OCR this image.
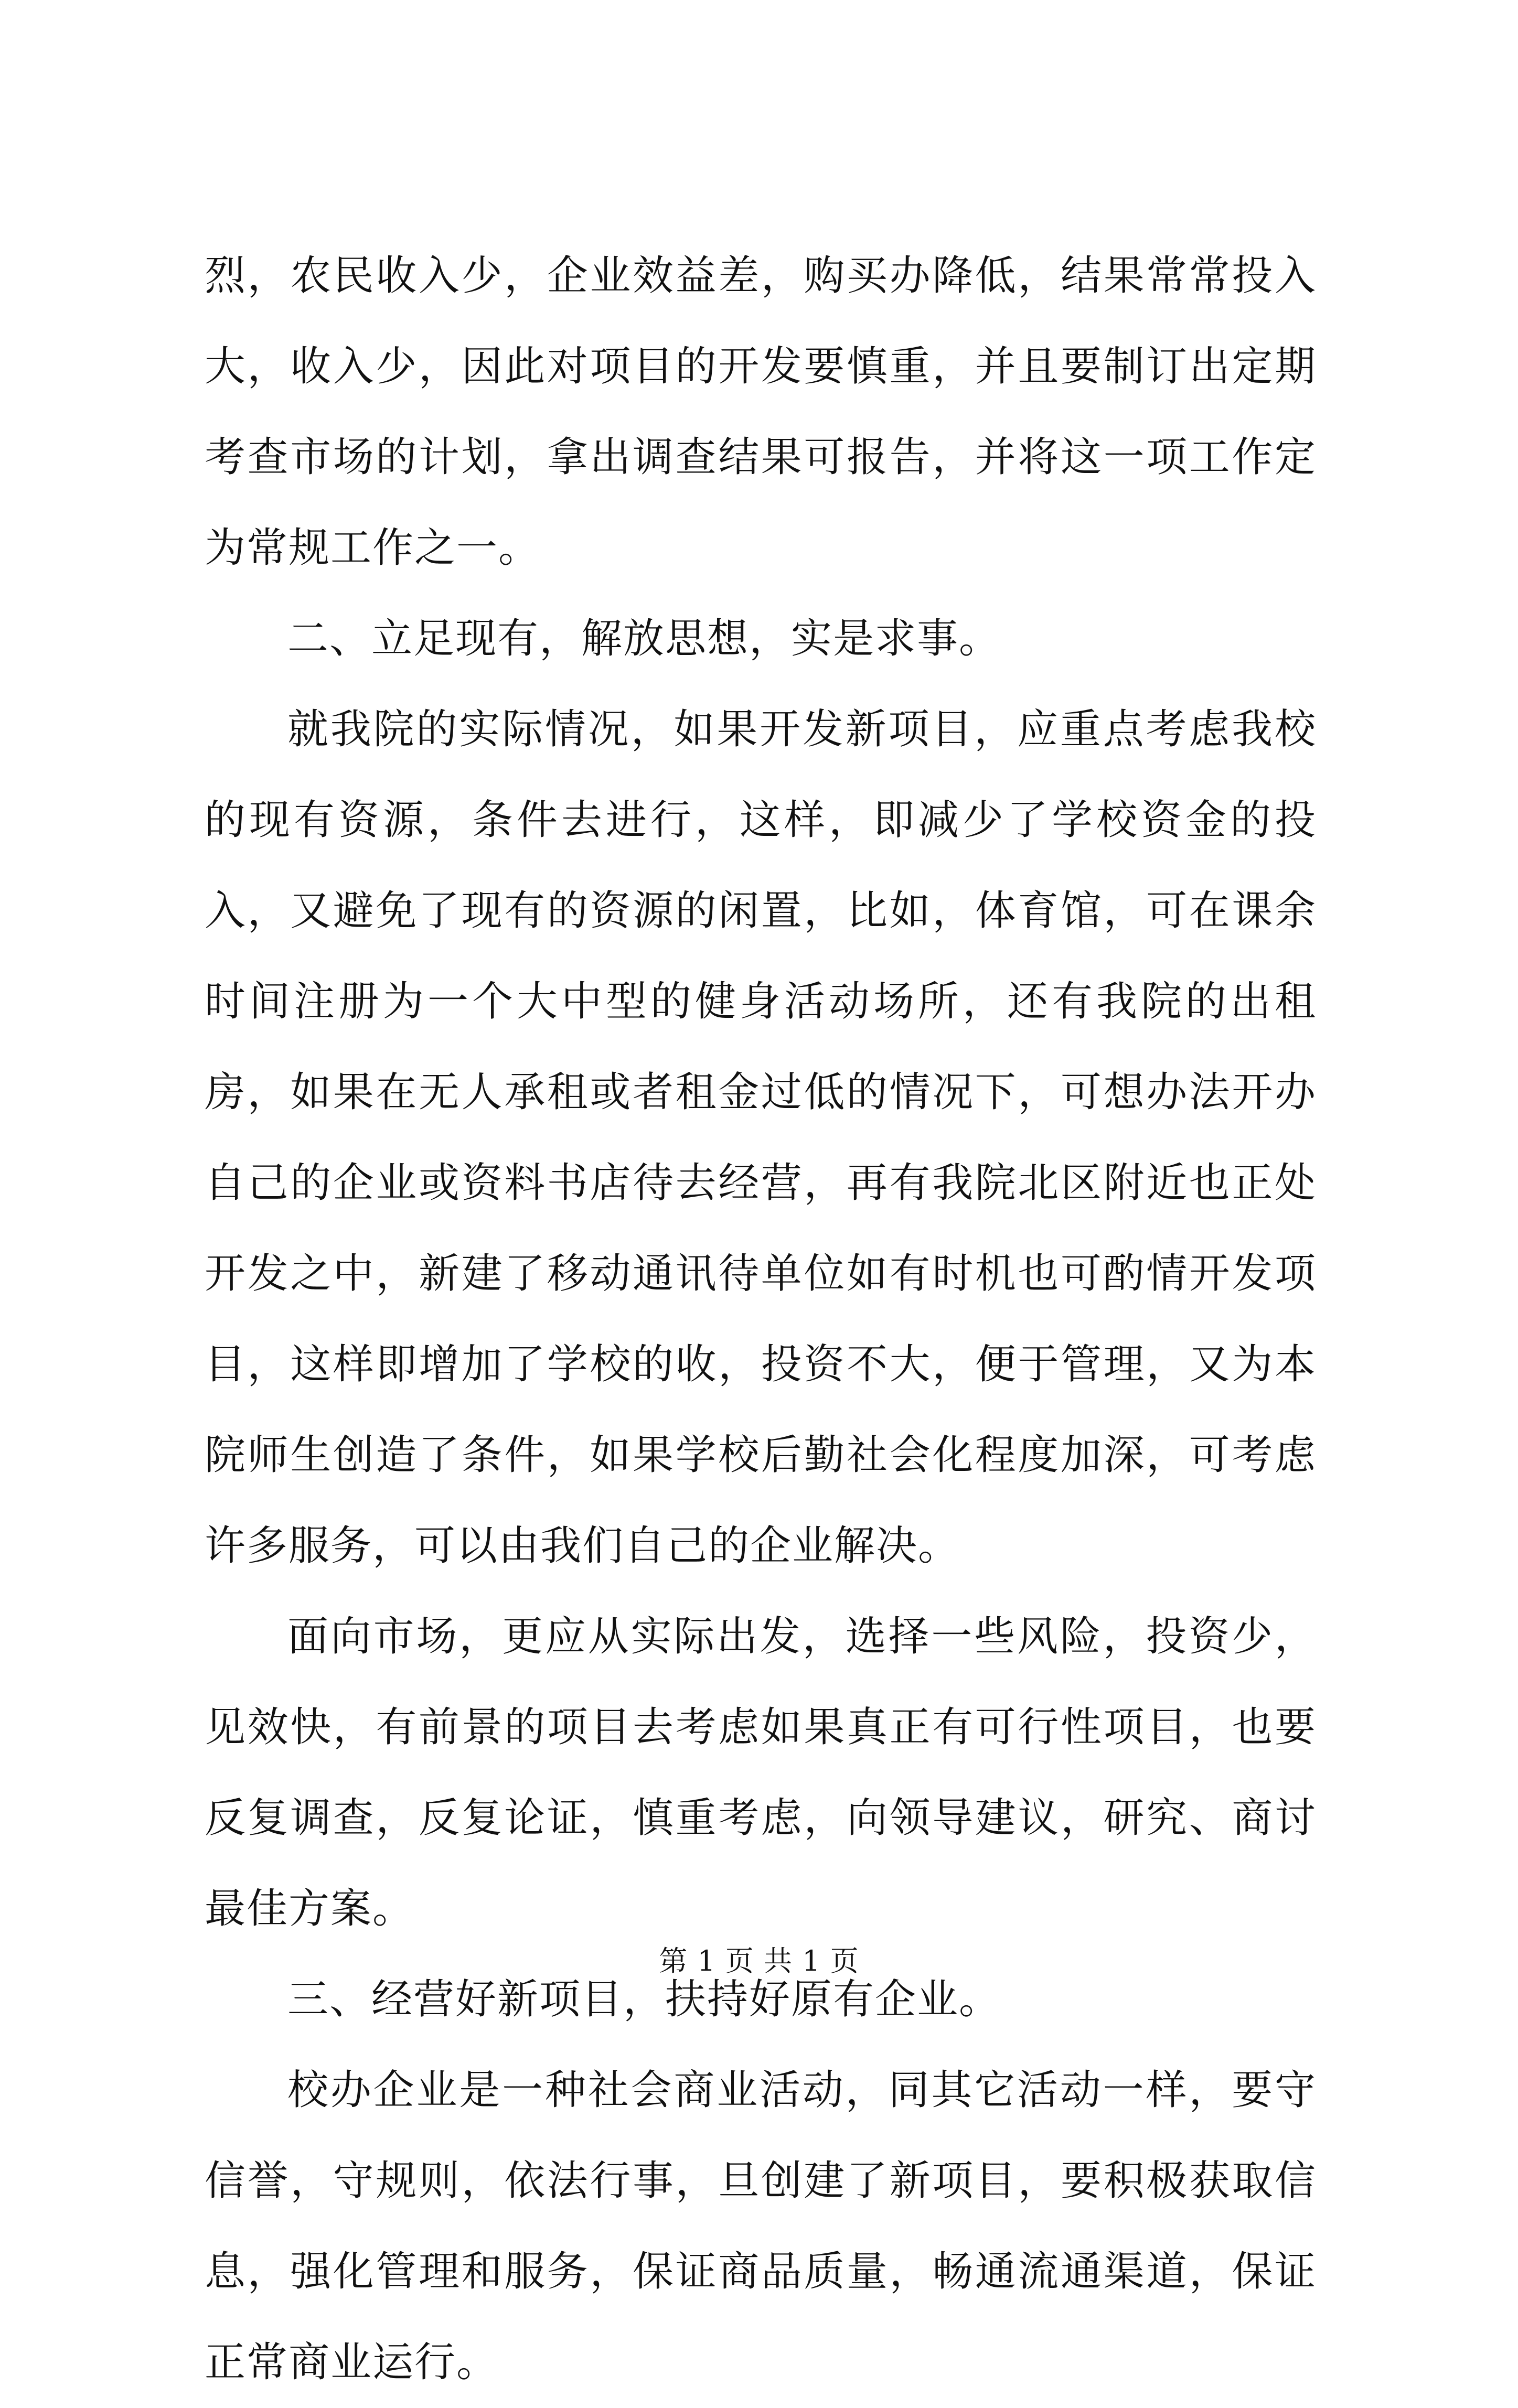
烈，农民收入少，企业效益差，购买办降低，结果常常投入大，收入少，因此对项目的开发要慎重，并且要制订出定期考查市场的计划，拿出调查结果可报告，并将这一项工作定为常规工作之一。

二、立足现有，解放思想，实是求事。

就我院的实际情况，如果开发新项目，应重点考虑我校的现有资源，条件去进行，这样，即减少了学校资金的投入，又避免了现有的资源的闲置，比如，体育馆，可在课余时间注册为一个大中型的健身活动场所，还有我院的出租房，如果在无人承租或者租金过低的情况下，可想办法开办自己的企业或资料书店待去经营，再有我院北区附近也正处开发之中，新建了移动通讯待单位如有时机也可酌情开发项目，这样即增加了学校的收，投资不大，便于管理，又为本院师生创造了条件，如果学校后勤社会化程度加深，可考虑许多服务，可以由我们自己的企业解决。

面向市场，更应从实际出发，选择一些风险，投资少，见效快，有前景的项目去考虑如果真正有可行性项目，也要反复调查，反复论证，慎重考虑，向领导建议，研究、商讨最佳方案。

三、经营好新项目，扶持好原有企业。

校办企业是一种社会商业活动，同其它活动一样，要守信誉，守规则，依法行事，旦创建了新项目，要积极获取信息，强化管理和服务，保证商品质量，畅通流通渠道，保证正常商业运行。

第 1 页 共 1 页
